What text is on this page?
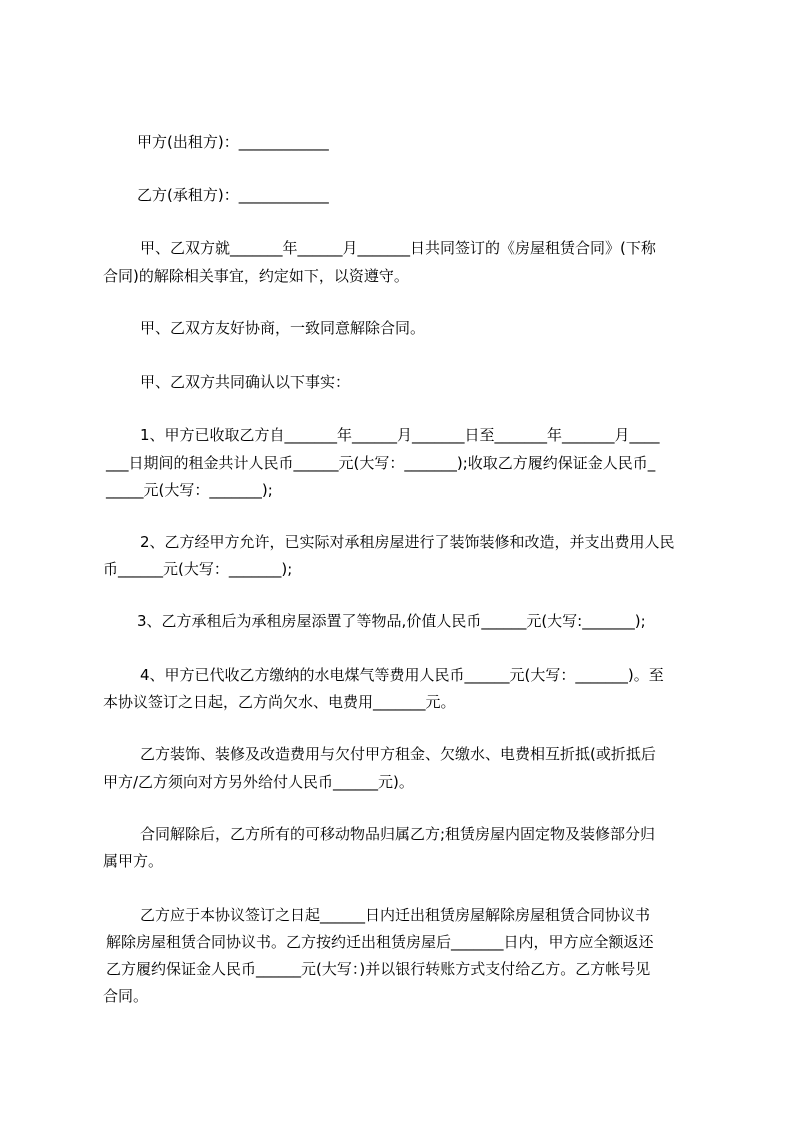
甲方(出租方)：____________
乙方(承租方)：____________
甲、乙双方就_______年______月_______日共同签订的《房屋租赁合同》(下称
合同)的解除相关事宜，约定如下，以资遵守。
甲、乙双方友好协商，一致同意解除合同。
甲、乙双方共同确认以下事实：
1、甲方已收取乙方自_______年______月_______日至_______年_______月____
___日期间的租金共计人民币______元(大写：_______);收取乙方履约保证金人民币_
_____元(大写：_______);
2、乙方经甲方允许，已实际对承租房屋进行了装饰装修和改造，并支出费用人民
币______元(大写：_______);
3、乙方承租后为承租房屋添置了等物品,价值人民币______元(大写:_______);
4、甲方已代收乙方缴纳的水电煤气等费用人民币______元(大写：_______)。至
本协议签订之日起，乙方尚欠水、电费用_______元。
乙方装饰、装修及改造费用与欠付甲方租金、欠缴水、电费相互折抵(或折抵后
甲方/乙方须向对方另外给付人民币______元)。
合同解除后，乙方所有的可移动物品归属乙方;租赁房屋内固定物及装修部分归
属甲方。
乙方应于本协议签订之日起______日内迁出租赁房屋解除房屋租赁合同协议书
解除房屋租赁合同协议书。乙方按约迁出租赁房屋后_______日内，甲方应全额返还
乙方履约保证金人民币______元(大写：)并以银行转账方式支付给乙方。乙方帐号见
合同。
